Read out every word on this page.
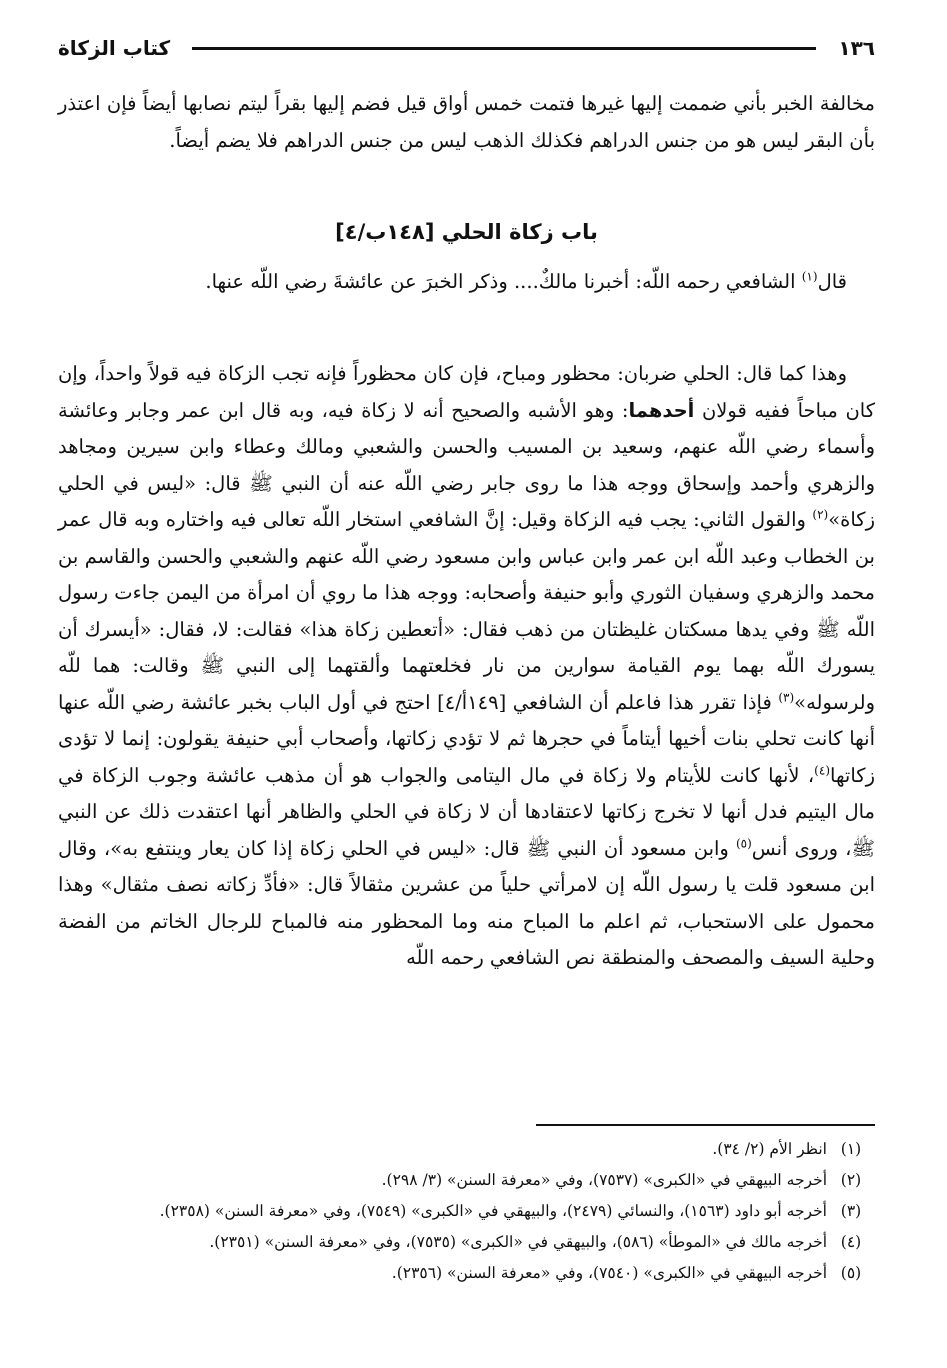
١٣٦
كتاب الزكاة
مخالفة الخبر بأني ضممت إليها غيرها فتمت خمس أواق قيل فضم إليها بقراً ليتم نصابها أيضاً فإن اعتذر بأن البقر ليس هو من جنس الدراهم فكذلك الذهب ليس من جنس الدراهم فلا يضم أيضاً.
باب زكاة الحلي [١٤٨ب/٤]
قال$^{(١)}$ الشافعي رحمه اللّه: أخبرنا مالكٌ.... وذكر الخبرَ عن عائشةَ رضي اللّه عنها.
وهذا كما قال: الحلي ضربان: محظور ومباح، فإن كان محظوراً فإنه تجب الزكاة فيه قولاً واحداً، وإن كان مباحاً ففيه قولان أحدهما: وهو الأشبه والصحيح أنه لا زكاة فيه، وبه قال ابن عمر وجابر وعائشة وأسماء رضي اللّه عنهم، وسعيد بن المسيب والحسن والشعبي ومالك وعطاء وابن سيرين ومجاهد والزهري وأحمد وإسحاق ووجه هذا ما روى جابر رضي اللّه عنه أن النبي ﷺ قال: «ليس في الحلي زكاة»$^{(٢)}$ والقول الثاني: يجب فيه الزكاة وقيل: إنَّ الشافعي استخار اللّه تعالى فيه واختاره وبه قال عمر بن الخطاب وعبد اللّه ابن عمر وابن عباس وابن مسعود رضي اللّه عنهم والشعبي والحسن والقاسم بن محمد والزهري وسفيان الثوري وأبو حنيفة وأصحابه: ووجه هذا ما روي أن امرأة من اليمن جاءت رسول اللّه ﷺ وفي يدها مسكتان غليظتان من ذهب فقال: «أتعطين زكاة هذا» فقالت: لا، فقال: «أيسرك أن يسورك اللّه بهما يوم القيامة سوارين من نار فخلعتهما وألقتهما إلى النبي ﷺ وقالت: هما للّه ولرسوله»$^{(٣)}$ فإذا تقرر هذا فاعلم أن الشافعي [١٤٩أ/٤] احتج في أول الباب بخبر عائشة رضي اللّه عنها أنها كانت تحلي بنات أخيها أيتاماً في حجرها ثم لا تؤدي زكاتها، وأصحاب أبي حنيفة يقولون: إنما لا تؤدى زكاتها$^{(٤)}$، لأنها كانت للأيتام ولا زكاة في مال اليتامى والجواب هو أن مذهب عائشة وجوب الزكاة في مال اليتيم فدل أنها لا تخرج زكاتها لاعتقادها أن لا زكاة في الحلي والظاهر أنها اعتقدت ذلك عن النبي ﷺ، وروى أنس$^{(٥)}$ وابن مسعود أن النبي ﷺ قال: «ليس في الحلي زكاة إذا كان يعار وينتفع به»، وقال ابن مسعود قلت يا رسول اللّه إن لامرأتي حلياً من عشرين مثقالاً قال: «فأدِّ زكاته نصف مثقال» وهذا محمول على الاستحباب، ثم اعلم ما المباح منه وما المحظور منه فالمباح للرجال الخاتم من الفضة وحلية السيف والمصحف والمنطقة نص الشافعي رحمه اللّه
(١)
انظر الأم (٢/ ٣٤).
(٢)
أخرجه البيهقي في «الكبرى» (٧٥٣٧)، وفي «معرفة السنن» (٣/ ٢٩٨).
(٣)
أخرجه أبو داود (١٥٦٣)، والنسائي (٢٤٧٩)، والبيهقي في «الكبرى» (٧٥٤٩)، وفي «معرفة السنن» (٢٣٥٨).
(٤)
أخرجه مالك في «الموطأ» (٥٨٦)، والبيهقي في «الكبرى» (٧٥٣٥)، وفي «معرفة السنن» (٢٣٥١).
(٥)
أخرجه البيهقي في «الكبرى» (٧٥٤٠)، وفي «معرفة السنن» (٢٣٥٦).
